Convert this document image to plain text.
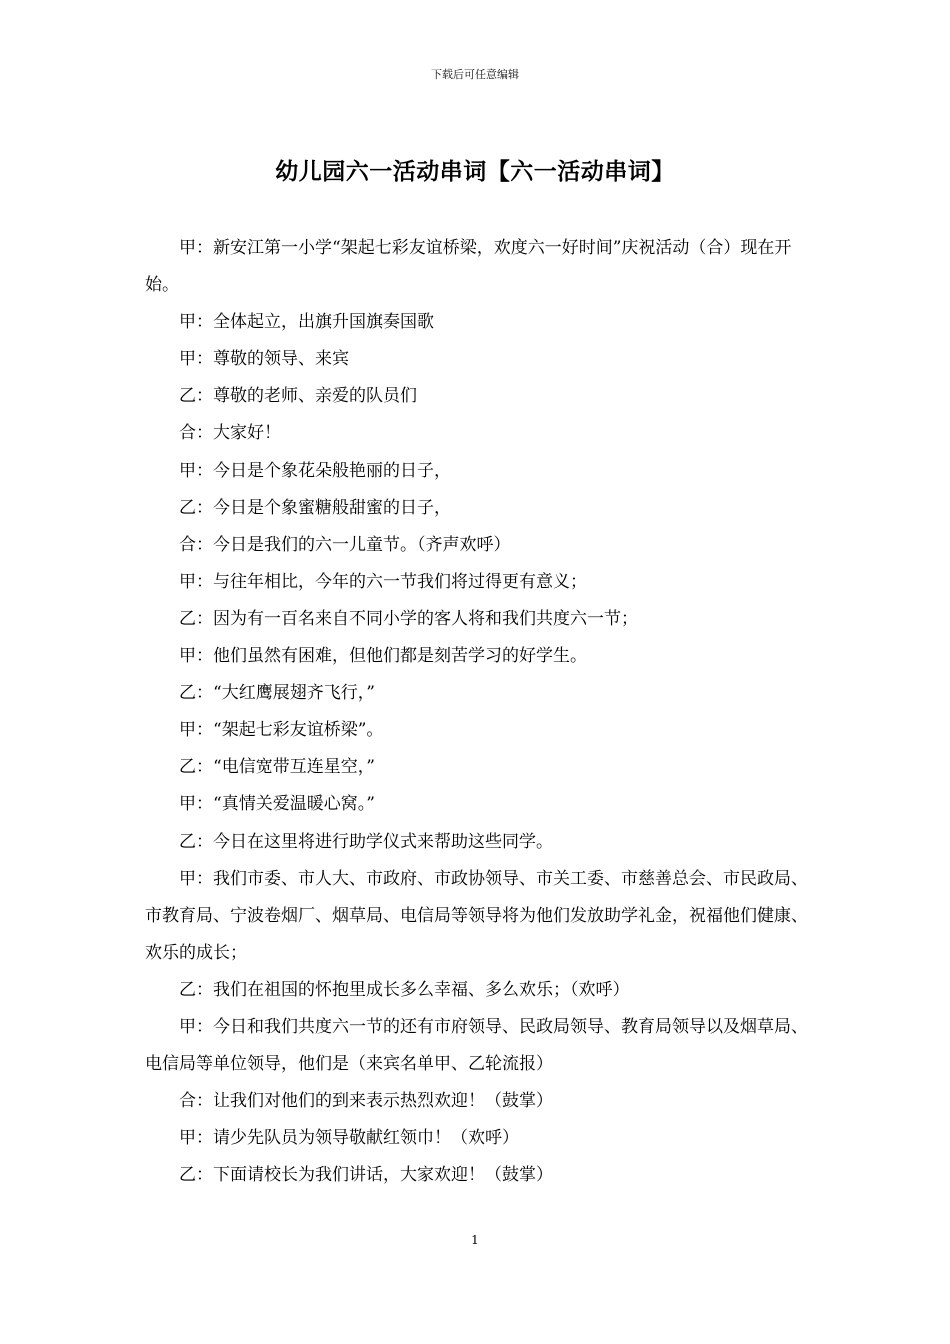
下载后可任意编辑
幼儿园六一活动串词【六一活动串词】

甲：新安江第一小学“架起七彩友谊桥梁，欢度六一好时间”庆祝活动（合）现在开始。

甲：全体起立，出旗升国旗奏国歌

甲：尊敬的领导、来宾

乙：尊敬的老师、亲爱的队员们

合：大家好！

甲：今日是个象花朵般艳丽的日子，

乙：今日是个象蜜糖般甜蜜的日子，

合：今日是我们的六一儿童节。（齐声欢呼）

甲：与往年相比，今年的六一节我们将过得更有意义；

乙：因为有一百名来自不同小学的客人将和我们共度六一节；

甲：他们虽然有困难，但他们都是刻苦学习的好学生。

乙：“大红鹰展翅齐飞行，”

甲：“架起七彩友谊桥梁”。

乙：“电信宽带互连星空，”

甲：“真情关爱温暖心窝。”

乙：今日在这里将进行助学仪式来帮助这些同学。

甲：我们市委、市人大、市政府、市政协领导、市关工委、市慈善总会、市民政局、市教育局、宁波卷烟厂、烟草局、电信局等领导将为他们发放助学礼金，祝福他们健康、欢乐的成长；

乙：我们在祖国的怀抱里成长多么幸福、多么欢乐；（欢呼）

甲：今日和我们共度六一节的还有市府领导、民政局领导、教育局领导以及烟草局、电信局等单位领导，他们是（来宾名单甲、乙轮流报）

合：让我们对他们的到来表示热烈欢迎！（鼓掌）

甲：请少先队员为领导敬献红领巾！（欢呼）

乙：下面请校长为我们讲话，大家欢迎！（鼓掌）

1
